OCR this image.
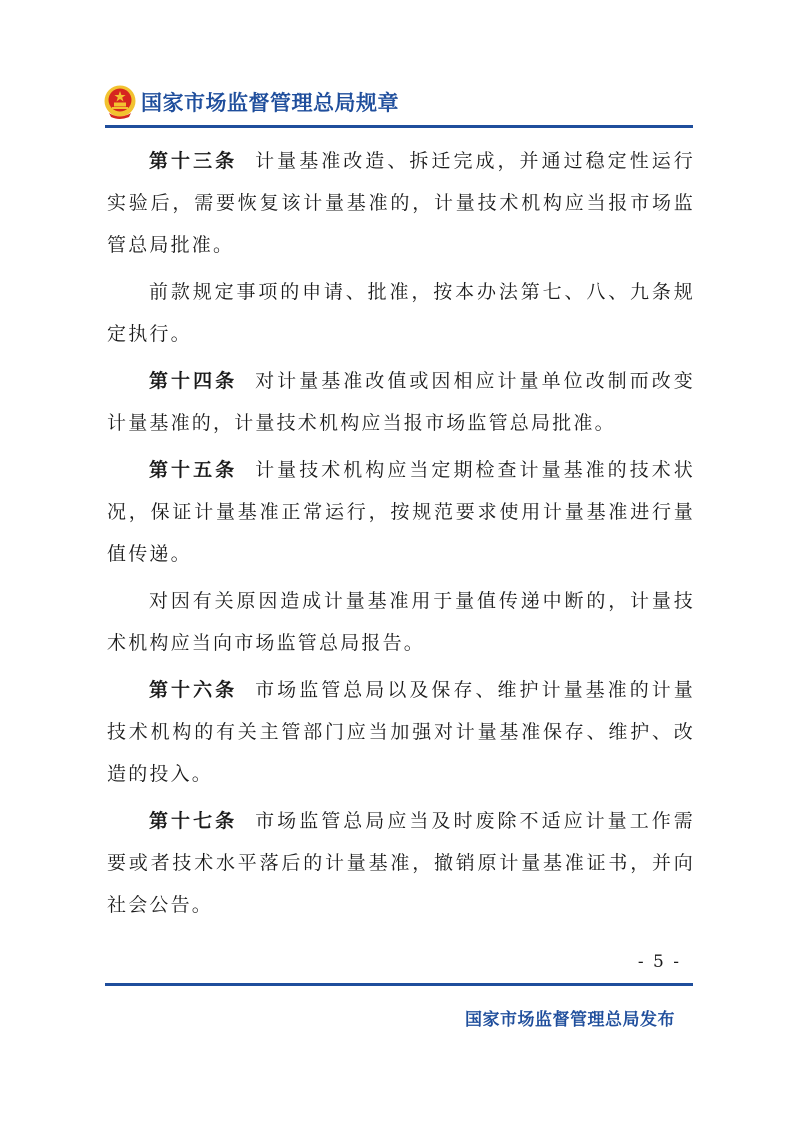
国家市场监督管理总局规章

第十三条 计量基准改造、拆迁完成，并通过稳定性运行实验后，需要恢复该计量基准的，计量技术机构应当报市场监管总局批准。

前款规定事项的申请、批准，按本办法第七、八、九条规定执行。

第十四条 对计量基准改值或因相应计量单位改制而改变计量基准的，计量技术机构应当报市场监管总局批准。

第十五条 计量技术机构应当定期检查计量基准的技术状况，保证计量基准正常运行，按规范要求使用计量基准进行量值传递。

对因有关原因造成计量基准用于量值传递中断的，计量技术机构应当向市场监管总局报告。

第十六条 市场监管总局以及保存、维护计量基准的计量技术机构的有关主管部门应当加强对计量基准保存、维护、改造的投入。

第十七条 市场监管总局应当及时废除不适应计量工作需要或者技术水平落后的计量基准，撤销原计量基准证书，并向社会公告。

- 5 -
国家市场监督管理总局发布
